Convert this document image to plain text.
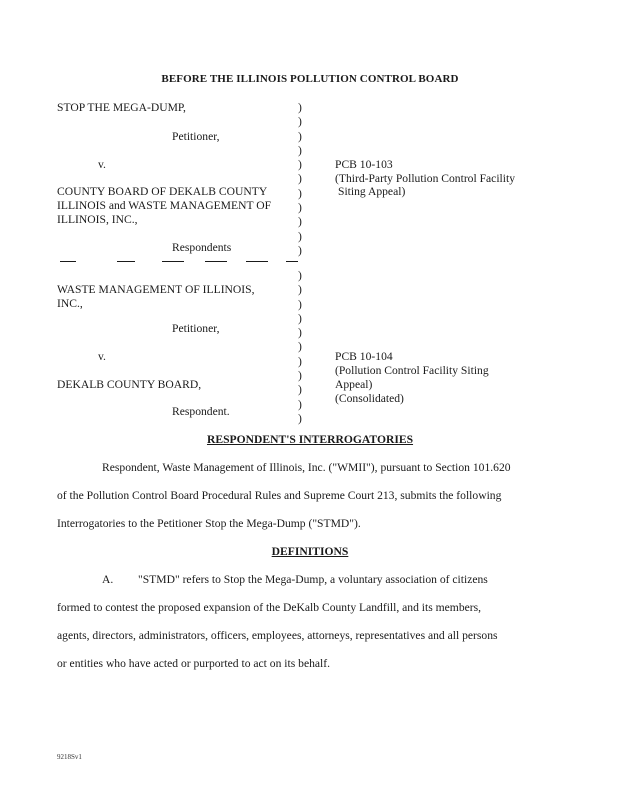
BEFORE THE ILLINOIS POLLUTION CONTROL BOARD
STOP THE MEGA-DUMP,
Petitioner,
v.
COUNTY BOARD OF DEKALB COUNTY
ILLINOIS and WASTE MANAGEMENT OF
ILLINOIS, INC.,
Respondents
PCB 10-103
(Third-Party Pollution Control Facility
Siting Appeal)
WASTE MANAGEMENT OF ILLINOIS,
INC.,
Petitioner,
v.
DEKALB COUNTY BOARD,
Respondent.
PCB 10-104
(Pollution Control Facility Siting
Appeal)
(Consolidated)
)
)
)
)
)
)
)
)
)
)
)
)
)
)
)
)
)
)
)
)
)
)
RESPONDENT'S INTERROGATORIES
Respondent, Waste Management of Illinois, Inc. ("WMII"), pursuant to Section 101.620
of the Pollution Control Board Procedural Rules and Supreme Court 213, submits the following
Interrogatories to the Petitioner Stop the Mega-Dump ("STMD").
DEFINITIONS
A. "STMD" refers to Stop the Mega-Dump, a voluntary association of citizens
formed to contest the proposed expansion of the DeKalb County Landfill, and its members,
agents, directors, administrators, officers, employees, attorneys, representatives and all persons
or entities who have acted or purported to act on its behalf.
9218Sv1
